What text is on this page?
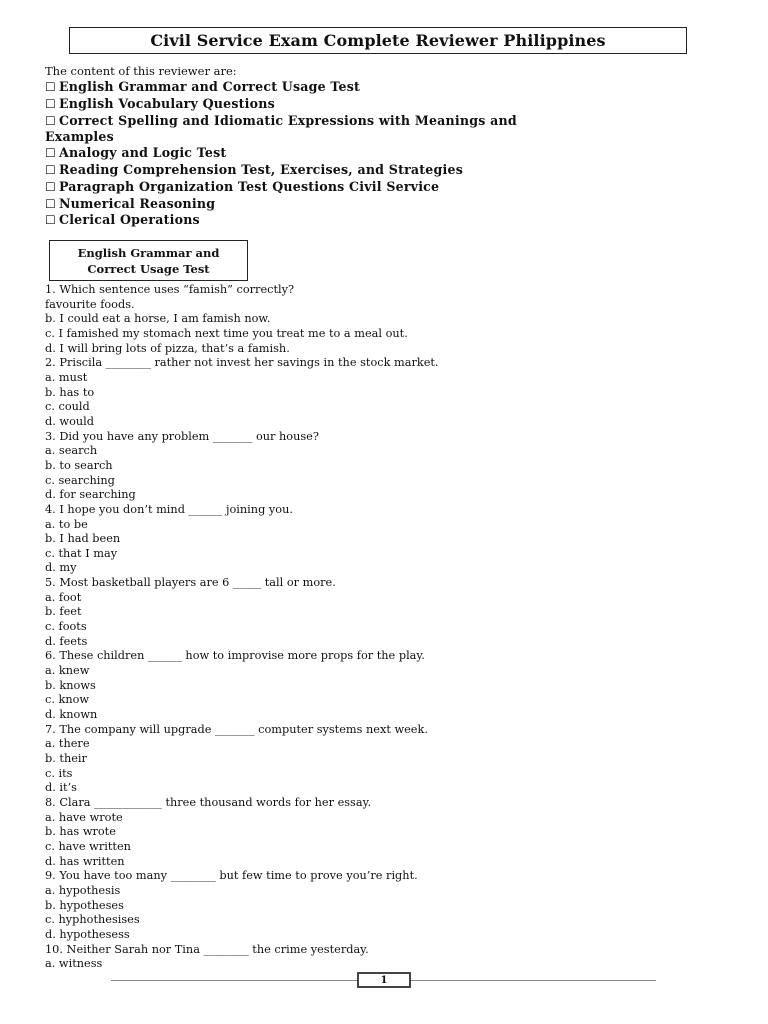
Civil Service Exam Complete Reviewer Philippines
The content of this reviewer are:
☐ English Grammar and Correct Usage Test
☐ English Vocabulary Questions
☐ Correct Spelling and Idiomatic Expressions with Meanings and
Examples
☐ Analogy and Logic Test
☐ Reading Comprehension Test, Exercises, and Strategies
☐ Paragraph Organization Test Questions Civil Service
☐ Numerical Reasoning
☐ Clerical Operations
English Grammar and
Correct Usage Test
1. Which sentence uses “famish” correctly?
favourite foods.
b. I could eat a horse, I am famish now.
c. I famished my stomach next time you treat me to a meal out.
d. I will bring lots of pizza, that’s a famish.
2. Priscila ________ rather not invest her savings in the stock market.
a. must
b. has to
c. could
d. would
3. Did you have any problem _______ our house?
a. search
b. to search
c. searching
d. for searching
4. I hope you don’t mind ______ joining you.
a. to be
b. I had been
c. that I may
d. my
5. Most basketball players are 6 _____ tall or more.
a. foot
b. feet
c. foots
d. feets
6. These children ______ how to improvise more props for the play.
a. knew
b. knows
c. know
d. known
7. The company will upgrade _______ computer systems next week.
a. there
b. their
c. its
d. it’s
8. Clara ____________ three thousand words for her essay.
a. have wrote
b. has wrote
c. have written
d. has written
9. You have too many ________ but few time to prove you’re right.
a. hypothesis
b. hypotheses
c. hyphothesises
d. hypothesess
10. Neither Sarah nor Tina ________ the crime yesterday.
a. witness
1
